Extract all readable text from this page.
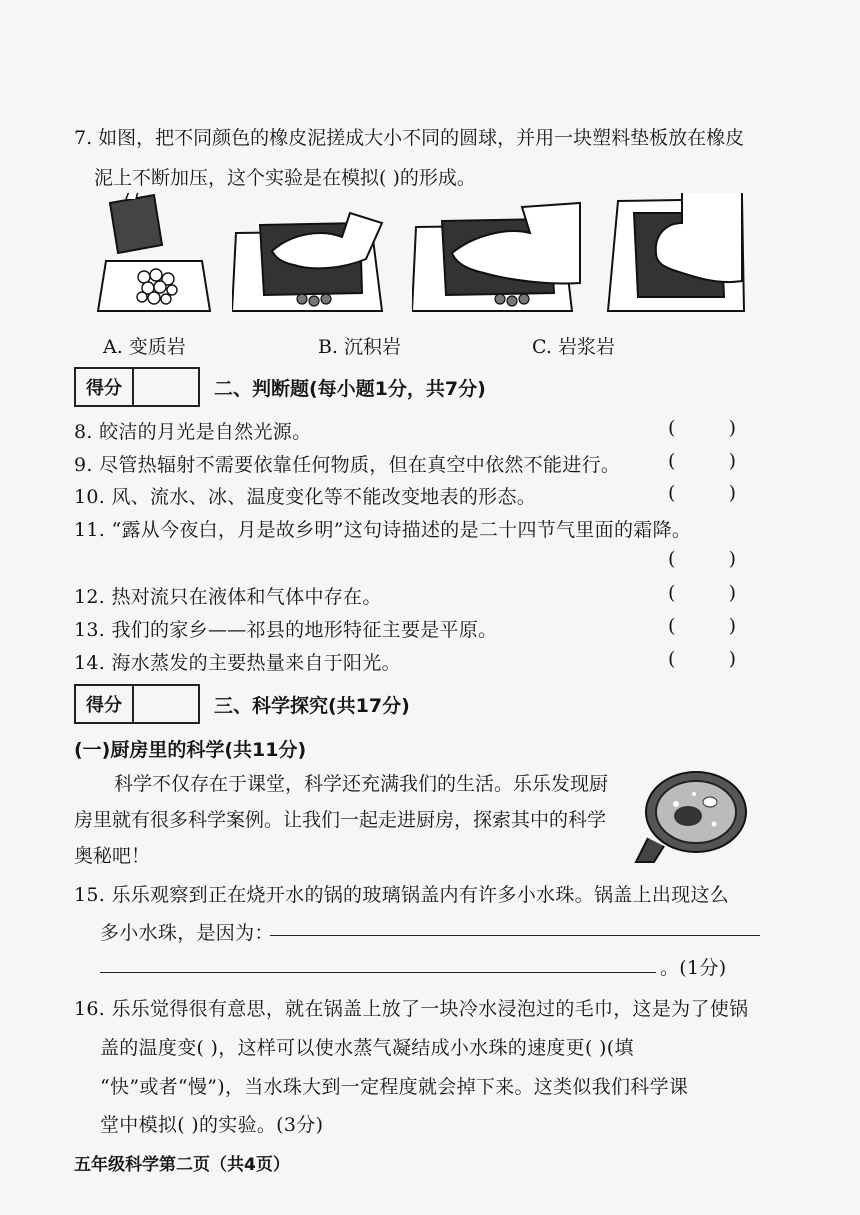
7. 如图，把不同颜色的橡皮泥搓成大小不同的圆球，并用一块塑料垫板放在橡皮
泥上不断加压，这个实验是在模拟( )的形成。
A. 变质岩	B. 沉积岩	C. 岩浆岩
得分	二、判断题(每小题1分，共7分)
8. 皎洁的月光是自然光源。	(	)
9. 尽管热辐射不需要依靠任何物质，但在真空中依然不能进行。	(	)
10. 风、流水、冰、温度变化等不能改变地表的形态。	(	)
11. “露从今夜白，月是故乡明”这句诗描述的是二十四节气里面的霜降。
(	)
12. 热对流只在液体和气体中存在。	(	)
13. 我们的家乡——祁县的地形特征主要是平原。	(	)
14. 海水蒸发的主要热量来自于阳光。	(	)
得分	三、科学探究(共17分)
(一)厨房里的科学(共11分)
科学不仅存在于课堂，科学还充满我们的生活。乐乐发现厨房里就有很多科学案例。让我们一起走进厨房，探索其中的科学奥秘吧！
15. 乐乐观察到正在烧开水的锅的玻璃锅盖内有许多小水珠。锅盖上出现这么
多小水珠，是因为：
。(1分)
16. 乐乐觉得很有意思，就在锅盖上放了一块冷水浸泡过的毛巾，这是为了使锅
盖的温度变( )，这样可以使水蒸气凝结成小水珠的速度更( )(填
“快”或者“慢”)，当水珠大到一定程度就会掉下来。这类似我们科学课
堂中模拟( )的实验。(3分)
五年级科学第二页（共4页）
